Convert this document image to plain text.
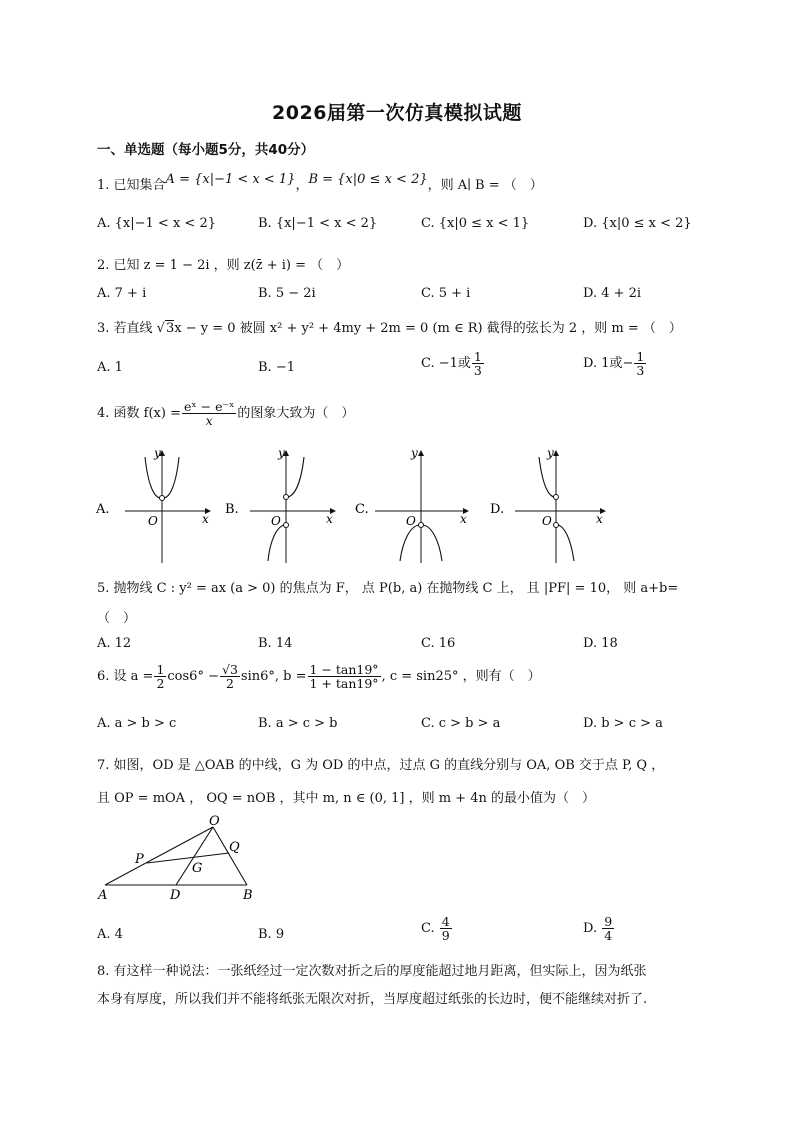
2026届第一次仿真模拟试题
一、单选题（每小题5分，共40分）
1. 已知集合A = {x|−1 < x < 1}，B = {x|0 ≤ x < 2}，则 A∣ B = （　）
A. {x|−1 < x < 2}	B. {x|−1 < x < 2}	C. {x|0 ≤ x < 1}	D. {x|0 ≤ x < 2}
2. 已知 z = 1 − 2i ，则 z(z̄ + i) = （　）
A. 7 + i	B. 5 − 2i	C. 5 + i	D. 4 + 2i
3. 若直线 √3x − y = 0 被圆 x² + y² + 4my + 2m = 0 (m ∈ R) 截得的弦长为 2 ，则 m = （　）
A. 1	B. −1	C. −1或 $\frac{1}{3}$	D. 1或− $\frac{1}{3}$
4. 函数 $f(x) = \frac{\text{eˣ − e⁻ˣ}}{x}$ 的图象大致为（　）
A.
y
x
O
B.
y
x
O
C.
y
x
O
D.
y
x
O
5. 抛物线 C : y² = ax (a > 0) 的焦点为 F， 点 P(b, a) 在抛物线 C 上， 且 |PF| = 10， 则 a+b=
（　）
A. 12	B. 14	C. 16	D. 18
6. 设 $a = \frac{1}{2} \cos 6^\circ - \frac{√3}{2} \sin 6^\circ$, $b = \frac{1 - \tan 19^\circ}{1 + \tan 19^\circ}$ , c = sin25° ，则有（　）
A. a > b > c	B. a > c > b	C. c > b > a	D. b > c > a
7. 如图，OD 是 △OAB 的中线，G 为 OD 的中点，过点 G 的直线分别与 OA, OB 交于点 P, Q ，
且 OP = mOA ， OQ = nOB ，其中 m, n ∈ (0, 1] ，则 m + 4n 的最小值为（　）
O
Q
P
G
A	D	B
A. 4	B. 9	C. $\frac{4}{9}$	D. $\frac{9}{4}$
8. 有这样一种说法：一张纸经过一定次数对折之后的厚度能超过地月距离，但实际上，因为纸张
本身有厚度，所以我们并不能将纸张无限次对折，当厚度超过纸张的长边时，便不能继续对折了.
